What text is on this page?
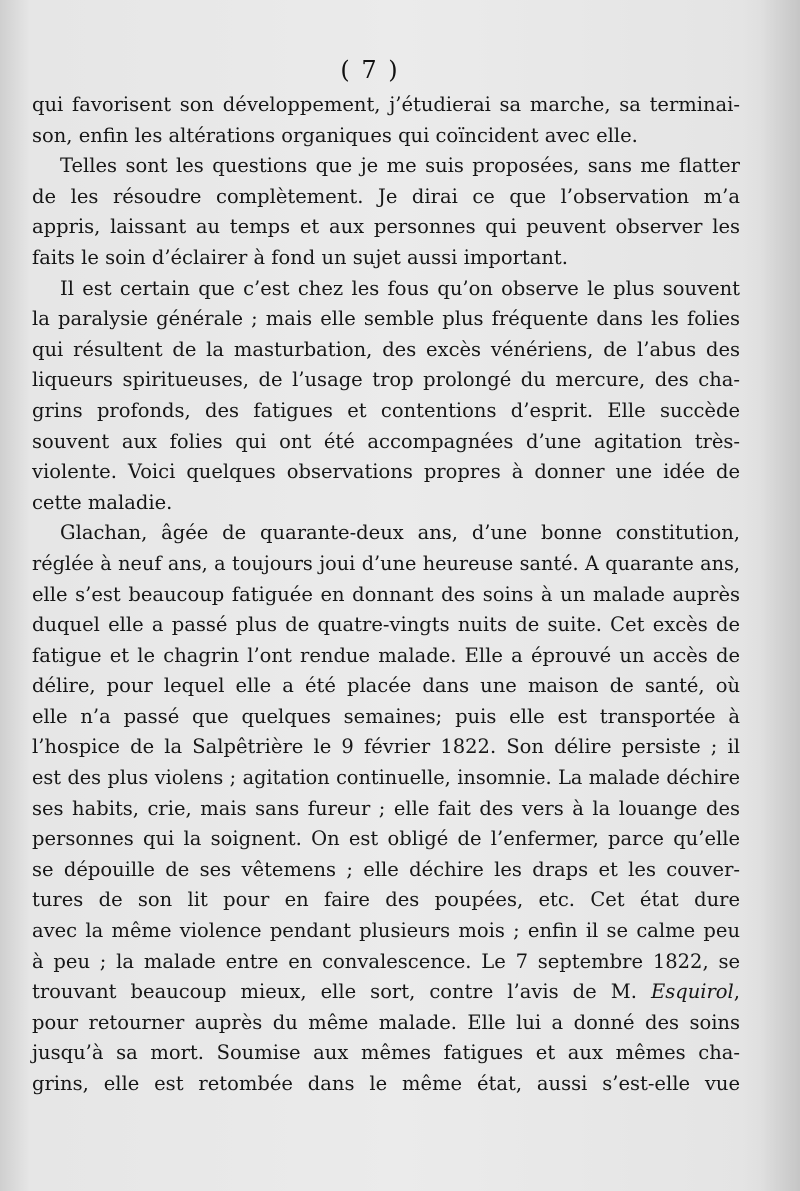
( 7 )
qui favorisent son développement, j’étudierai sa marche, sa terminai-
son, enfin les altérations organiques qui coïncident avec elle.
Telles sont les questions que je me suis proposées, sans me flatter
de les résoudre complètement. Je dirai ce que l’observation m’a
appris, laissant au temps et aux personnes qui peuvent observer les
faits le soin d’éclairer à fond un sujet aussi important.
Il est certain que c’est chez les fous qu’on observe le plus souvent
la paralysie générale ; mais elle semble plus fréquente dans les folies
qui résultent de la masturbation, des excès vénériens, de l’abus des
liqueurs spiritueuses, de l’usage trop prolongé du mercure, des cha-
grins profonds, des fatigues et contentions d’esprit. Elle succède
souvent aux folies qui ont été accompagnées d’une agitation très-
violente. Voici quelques observations propres à donner une idée de
cette maladie.
Glachan, âgée de quarante-deux ans, d’une bonne constitution,
réglée à neuf ans, a toujours joui d’une heureuse santé. A quarante ans,
elle s’est beaucoup fatiguée en donnant des soins à un malade auprès
duquel elle a passé plus de quatre-vingts nuits de suite. Cet excès de
fatigue et le chagrin l’ont rendue malade. Elle a éprouvé un accès de
délire, pour lequel elle a été placée dans une maison de santé, où
elle n’a passé que quelques semaines; puis elle est transportée à
l’hospice de la Salpêtrière le 9 février 1822. Son délire persiste ; il
est des plus violens ; agitation continuelle, insomnie. La malade déchire
ses habits, crie, mais sans fureur ; elle fait des vers à la louange des
personnes qui la soignent. On est obligé de l’enfermer, parce qu’elle
se dépouille de ses vêtemens ; elle déchire les draps et les couver-
tures de son lit pour en faire des poupées, etc. Cet état dure
avec la même violence pendant plusieurs mois ; enfin il se calme peu
à peu ; la malade entre en convalescence. Le 7 septembre 1822, se
trouvant beaucoup mieux, elle sort, contre l’avis de M. Esquirol,
pour retourner auprès du même malade. Elle lui a donné des soins
jusqu’à sa mort. Soumise aux mêmes fatigues et aux mêmes cha-
grins, elle est retombée dans le même état, aussi s’est-elle vue
